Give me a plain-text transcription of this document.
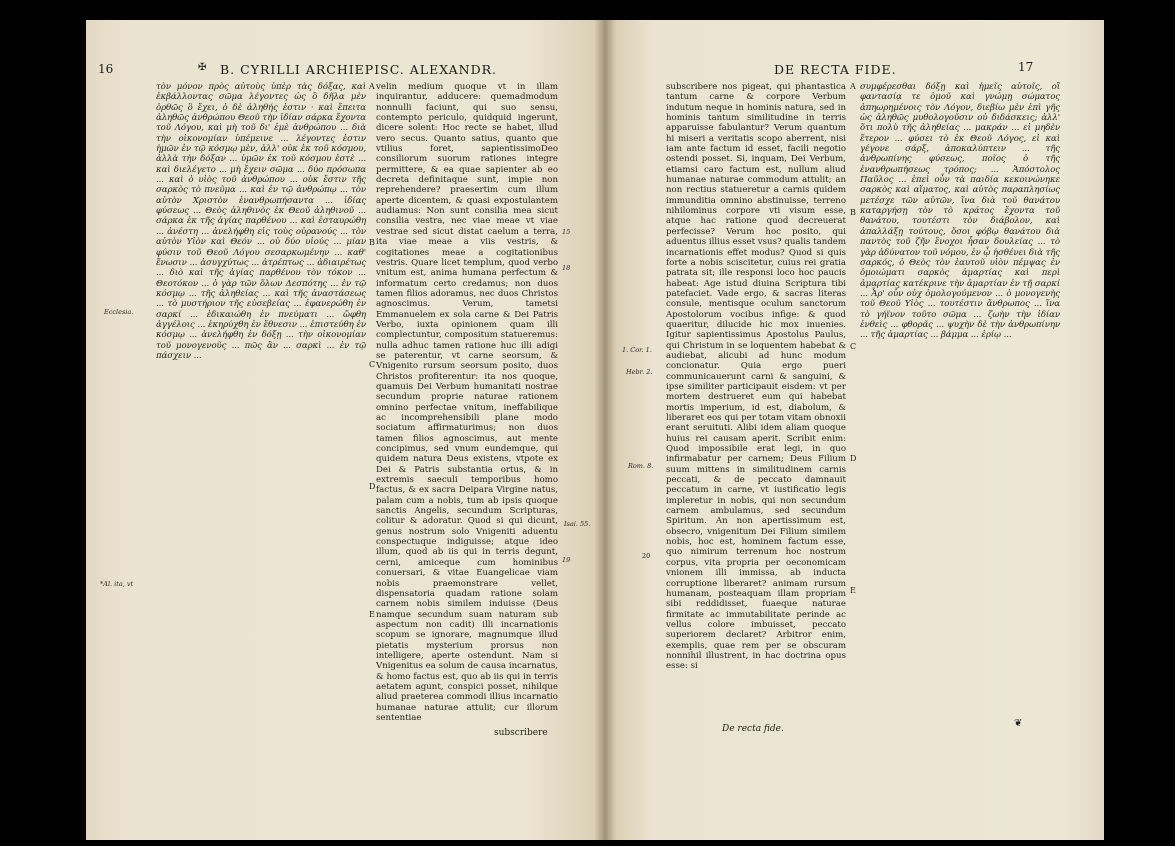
✠ B. CYRILLI ARCHIEPISC. ALEXANDR.
τὸν μόνον πρὸς αὐτοὺς ὑπὲρ τὰς δόξας, καὶ ἐκβάλλοντας σῶμα λέγοντες ὡς ὃ δῆλα μὲν ὀρθῶς ὃ ἔχει, ὁ δὲ ἀληθής ἐστιν · καὶ ἔπειτα ἀληθῶς ἀνθρώπου Θεοῦ τὴν ἰδίαν σάρκα ἔχοντα τοῦ Λόγου, καὶ μὴ τοῦ δι' ἐμὲ ἀνθρώπου ... διὰ τὴν οἰκονομίαν ὑπέμεινε ... λέγοντες ἐστιν ἡμῶν ἐν τῷ κόσμῳ μὲν, ἀλλ' οὐκ ἐκ τοῦ κόσμου, ἀλλὰ τὴν δόξαν ... ὑμῶν ἐκ τοῦ κόσμου ἐστὲ ... καὶ διελέγετο ... μὴ ἔχειν σῶμα ... δύο πρόσωπα ... καὶ ὁ υἱὸς τοῦ ἀνθρώπου ... οὐκ ἔστιν τῆς σαρκὸς τὸ πνεῦμα ... καὶ ἐν τῷ ἀνθρώπῳ ... τὸν αὐτὸν Χριστὸν ἐνανθρωπήσαντα ... ἰδίας φύσεως ... Θεὸς ἀληθινὸς ἐκ Θεοῦ ἀληθινοῦ ... σάρκα ἐκ τῆς ἁγίας παρθένου ... καὶ ἐσταυρώθη ... ἀνέστη ... ἀνελήφθη εἰς τοὺς οὐρανούς ... τὸν αὐτὸν Υἱὸν καὶ Θεόν ... οὐ δύο υἱούς ... μίαν φύσιν τοῦ Θεοῦ Λόγου σεσαρκωμένην ... καθ' ἕνωσιν ... ἀσυγχύτως ... ἀτρέπτως ... ἀδιαιρέτως ... διὸ καὶ τῆς ἁγίας παρθένου τὸν τόκον ... Θεοτόκον ... ὁ γὰρ τῶν ὅλων Δεσπότης ... ἐν τῷ κόσμῳ ... τῆς ἀληθείας ... καὶ τῆς ἀναστάσεως ... τὸ μυστήριον τῆς εὐσεβείας ... ἐφανερώθη ἐν σαρκί ... ἐδικαιώθη ἐν πνεύματι ... ὤφθη ἀγγέλοις ... ἐκηρύχθη ἐν ἔθνεσιν ... ἐπιστεύθη ἐν κόσμῳ ... ἀνελήφθη ἐν δόξῃ ... τὴν οἰκονομίαν τοῦ μονογενοῦς ... πῶς ἂν ... σαρκὶ ... ἐν τῷ πάσχειν ...
velin medium quoque vt in illam inquirantur, adducere: quemadmodum nonnulli faciunt, qui suo sensu, contempto periculo, quidquid ingerunt, dicere solent: Hoc recte se habet, illud vero secus. Quanto satius, quanto que vtilius foret, sapientissimoDeo consiliorum suorum rationes integre permittere, & ea quae sapienter ab eo decreta definitaque sunt, impie non reprehendere? praesertim cum illum aperte dicentem, & quasi expostulantem audiamus: Non sunt consilia mea sicut consilia vestra, nec viae meae vt viae vestrae sed sicut distat caelum a terra, ita viae meae a viis vestris, & cogitationes meae a cogitationibus vestris. Quare licet templum, quod verbo vnitum est, anima humana perfectum & informatum certo credamus; non duos tamen filios adoramus, nec duos Christos agnoscimus. Verum, tametsi Emmanuelem ex sola carne & Dei Patris Verbo, iuxta opinionem quam illi complectuntur, compositum statueremus: nulla adhuc tamen ratione huc illi adigi se paterentur, vt carne seorsum, & Vnigenito rursum seorsum posito, duos Christos profiterentur: ita nos quoque, quamuis Dei Verbum humanitati nostrae secundum proprie naturae rationem omnino perfectae vnitum, ineffabilique ac incomprehensibili plane modo sociatum affirmaturimus; non duos tamen filios agnoscimus, aut mente concipimus, sed vnum eundemque, qui quidem natura Deus existens, vtpote ex Dei & Patris substantia ortus, & in extremis saeculi temporibus homo factus, & ex sacra Deipara Virgine natus, palam cum a nobis, tum ab ipsis quoque sanctis Angelis, secundum Scripturas, colitur & adoratur. Quod si qui dicunt, genus nostrum solo Vnigeniti aduentu conspectuque indiguisse; atque ideo illum, quod ab iis qui in terris degunt, cerni, amiceque cum hominibus conuersari, & vitae Euangelicae viam nobis praemonstrare vellet, dispensatoria quadam ratione solam carnem nobis similem induisse (Deus namque secundum suam naturam sub aspectum non cadit) illi incarnationis scopum se ignorare, magnumque illud pietatis mysterium prorsus non intelligere, aperte ostendunt. Nam si Vnigenitus ea solum de causa incarnatus, & homo factus est, quo ab iis qui in terris aetatem agunt, conspici posset, nihilque aliud praeterea commodi illius incarnatio humanae naturae attulit; cur illorum sententiae
subscribere
A
B
C
D
E
15
18
19
Ecclesia.
*Al. ita, vt
Isai. 55.
DE RECTA FIDE.	17
subscribere nos pigeat, qui phantastica tantum carne & corpore Verbum indutum neque in hominis natura, sed in hominis tantum similitudine in terris apparuisse fabulantur? Verum quantum hi miseri a veritatis scopo aberrent, nisi iam ante factum id esset, facili negotio ostendi posset. Si, inquam, Dei Verbum, etiamsi caro factum est, nullum aliud humanae naturae commodum attulit; an non rectius statueretur a carnis quidem immunditia omnino abstinuisse, terreno nihilominus corpore vti visum esse, atque hac ratione quod decreuerat perfecisse? Verum hoc posito, qui aduentus illius esset vsus? qualis tandem incarnationis effet modus? Quod si quis forte a nobis sciscitetur, cuius rei gratia patrata sit; ille responsi loco hoc paucis habeat: Age istud diuina Scriptura tibi patefaciet. Vade ergo, & sacras literas consule, mentisque oculum sanctorum Apostolorum vocibus infige: & quod quaeritur, dilucide hic mox inuenies. Igitur sapientissimus Apostolus Paulus, qui Christum in se loquentem habebat & audiebat, alicubi ad hunc modum concionatur. Quia ergo pueri communicauerunt carni & sanguini, & ipse similiter participauit eisdem: vt per mortem destrueret eum qui habebat mortis imperium, id est, diabolum, & liberaret eos qui per totam vitam obnoxii erant seruituti. Alibi idem aliam quoque huius rei causam aperit. Scribit enim: Quod impossibile erat legi, in quo infirmabatur per carnem; Deus Filium suum mittens in similitudinem carnis peccati, & de peccato damnauit peccatum in carne, vt iustificatio legis impleretur in nobis, qui non secundum carnem ambulamus, sed secundum Spiritum. An non apertissimum est, obsecro, vnigenitum Dei Filium similem nobis, hoc est, hominem factum esse, quo nimirum terrenum hoc nostrum corpus, vita propria per oeconomicam vnionem illi immissa, ab inducta corruptione liberaret? animam rursum humanam, posteaquam illam propriam sibi reddidisset, fuaeque naturae firmitate ac immutabilitate perinde ac vellus colore imbuisset, peccato superiorem declaret? Arbitror enim, exemplis, quae rem per se obscuram nonnihil illustrent, in hac doctrina opus esse: si
συμφέρεσθαι δόξῃ καὶ ἡμεῖς αὐτοῖς, οἳ φαντασίᾳ τε ὁμοῦ καὶ γνώμῃ σώματος ἀπηωρημένοις τὸν Λόγον, διεβίω μὲν ἐπὶ γῆς ὡς ἀληθῶς μυθολογοῦσιν οὐ διδάσκεις; ἀλλ' ὅτι πολὺ τῆς ἀληθείας ... μακράν ... εἰ μηδὲν ἕτερον ... φύσει τὸ ἐκ Θεοῦ Λόγος, εἰ καὶ γέγονε σάρξ, ἀποκαλύπτειν ... τῆς ἀνθρωπίνης φύσεως, ποῖος ὁ τῆς ἐνανθρωπήσεως τρόπος; ... Ἀπόστολος Παῦλος ... ἐπεὶ οὖν τὰ παιδία κεκοινώνηκε σαρκὸς καὶ αἵματος, καὶ αὐτὸς παραπλησίως μετέσχε τῶν αὐτῶν, ἵνα διὰ τοῦ θανάτου καταργήσῃ τὸν τὸ κράτος ἔχοντα τοῦ θανάτου, τουτέστι τὸν διάβολον, καὶ ἀπαλλάξῃ τούτους, ὅσοι φόβῳ θανάτου διὰ παντὸς τοῦ ζῆν ἔνοχοι ἦσαν δουλείας ... τὸ γὰρ ἀδύνατον τοῦ νόμου, ἐν ᾧ ἠσθένει διὰ τῆς σαρκός, ὁ Θεὸς τὸν ἑαυτοῦ υἱὸν πέμψας ἐν ὁμοιώματι σαρκὸς ἁμαρτίας καὶ περὶ ἁμαρτίας κατέκρινε τὴν ἁμαρτίαν ἐν τῇ σαρκί ... Ἆρ' οὖν οὐχ ὁμολογούμενον ... ὁ μονογενὴς τοῦ Θεοῦ Υἱὸς ... τουτέστιν ἄνθρωπος ... ἵνα τὸ γήϊνον τοῦτο σῶμα ... ζωὴν τὴν ἰδίαν ἐνθεὶς ... φθορᾶς ... ψυχὴν δὲ τὴν ἀνθρωπίνην ... τῆς ἁμαρτίας ... βάμμα ... ἐρίῳ ...
De recta fide.	❦
A
B
C
D
E
1. Cor. 1.
Hebr. 2.
Rom. 8.
20
16
